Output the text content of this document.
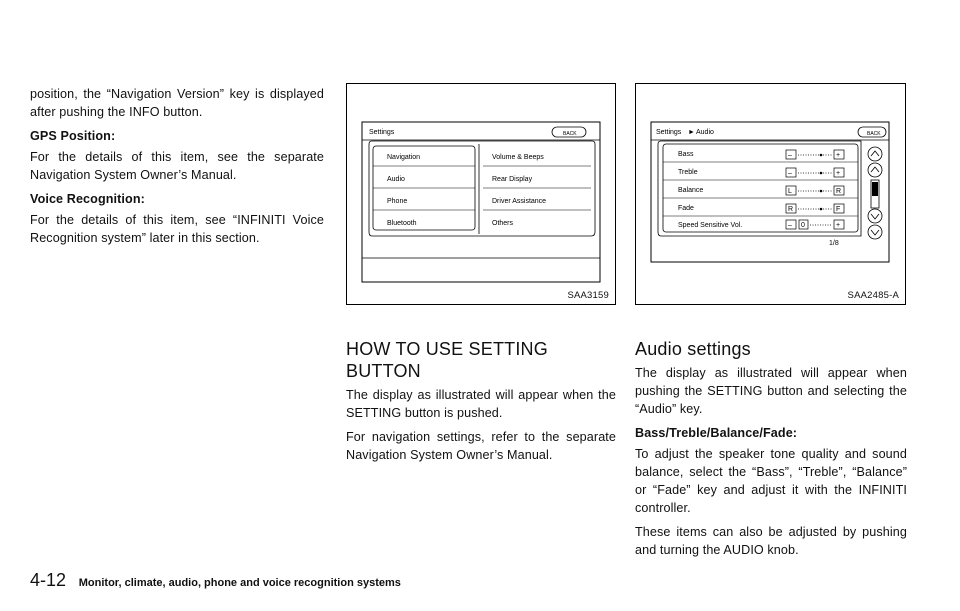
position, the “Navigation Version” key is displayed after pushing the INFO button.

GPS Position:

For the details of this item, see the separate Navigation System Owner’s Manual.

Voice Recognition:

For the details of this item, see “INFINITI Voice Recognition system” later in this section.

Settings	BACK
Navigation
Audio
Phone
Bluetooth
Volume & Beeps
Rear Display
Driver Assistance
Others
SAA3159
Settings ► Audio	BACK
Bass	–	+
Treble	–	+
Balance	L	R
Fade	R	F
Speed Sensitive Vol.	– 0	+
1/8
SAA2485-A
HOW TO USE SETTING BUTTON

The display as illustrated will appear when the SETTING button is pushed.

For navigation settings, refer to the separate Navigation System Owner’s Manual.

Audio settings

The display as illustrated will appear when pushing the SETTING button and selecting the “Audio” key.

Bass/Treble/Balance/Fade:

To adjust the speaker tone quality and sound balance, select the “Bass”, “Treble”, “Balance” or “Fade” key and adjust it with the INFINITI controller.

These items can also be adjusted by pushing and turning the AUDIO knob.

4-12 Monitor, climate, audio, phone and voice recognition systems
